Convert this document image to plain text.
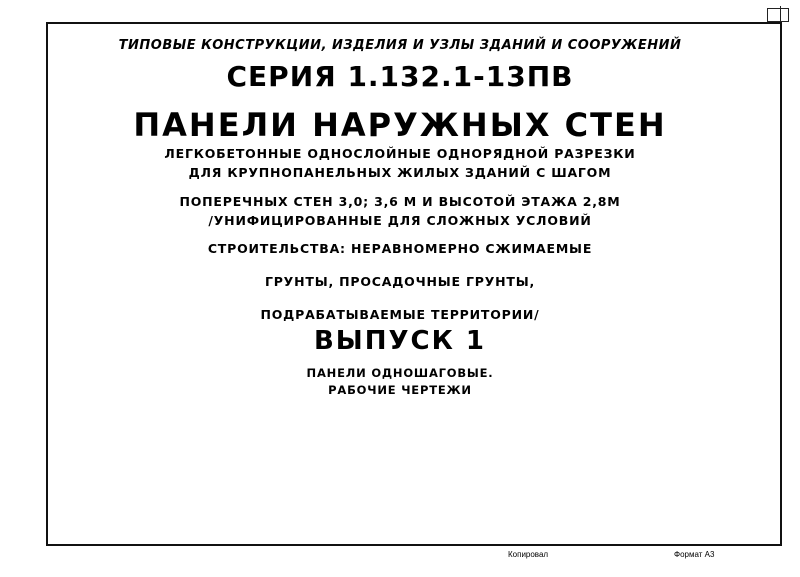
ТИПОВЫЕ КОНСТРУКЦИИ, ИЗДЕЛИЯ И УЗЛЫ ЗДАНИЙ И СООРУЖЕНИЙ
СЕРИЯ 1.132.1-13ПВ
ПАНЕЛИ НАРУЖНЫХ СТЕН
ЛЕГКОБЕТОННЫЕ ОДНОСЛОЙНЫЕ ОДНОРЯДНОЙ РАЗРЕЗКИ
ДЛЯ КРУПНОПАНЕЛЬНЫХ ЖИЛЫХ ЗДАНИЙ С ШАГОМ
ПОПЕРЕЧНЫХ СТЕН 3,0; 3,6 М И ВЫСОТОЙ ЭТАЖА 2,8М
/УНИФИЦИРОВАННЫЕ ДЛЯ СЛОЖНЫХ УСЛОВИЙ
СТРОИТЕЛЬСТВА: НЕРАВНОМЕРНО СЖИМАЕМЫЕ
ГРУНТЫ, ПРОСАДОЧНЫЕ ГРУНТЫ,
ПОДРАБАТЫВАЕМЫЕ ТЕРРИТОРИИ/
ВЫПУСК 1
ПАНЕЛИ ОДНОШАГОВЫЕ.
РАБОЧИЕ ЧЕРТЕЖИ
Копировал	Формат А3
